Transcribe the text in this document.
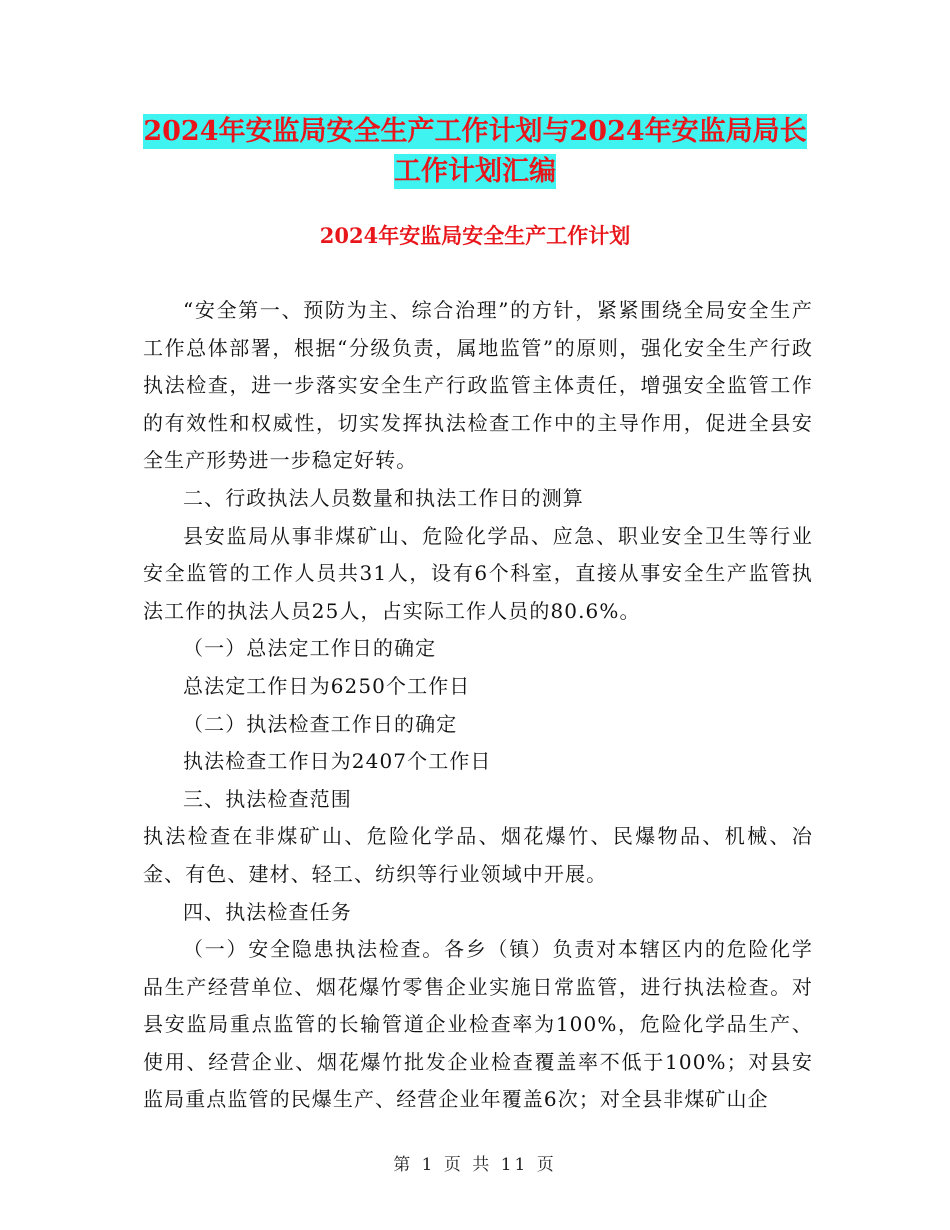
2024年安监局安全生产工作计划与2024年安监局局长
工作计划汇编
2024年安监局安全生产工作计划

“安全第一、预防为主、综合治理”的方针，紧紧围绕全局安全生产工作总体部署，根据“分级负责，属地监管”的原则，强化安全生产行政执法检查，进一步落实安全生产行政监管主体责任，增强安全监管工作的有效性和权威性，切实发挥执法检查工作中的主导作用，促进全县安全生产形势进一步稳定好转。

二、行政执法人员数量和执法工作日的测算

县安监局从事非煤矿山、危险化学品、应急、职业安全卫生等行业安全监管的工作人员共31人，设有6个科室，直接从事安全生产监管执法工作的执法人员25人，占实际工作人员的80.6%。

（一）总法定工作日的确定

总法定工作日为6250个工作日

（二）执法检查工作日的确定

执法检查工作日为2407个工作日

三、执法检查范围

执法检查在非煤矿山、危险化学品、烟花爆竹、民爆物品、机械、冶金、有色、建材、轻工、纺织等行业领域中开展。

四、执法检查任务

（一）安全隐患执法检查。各乡（镇）负责对本辖区内的危险化学品生产经营单位、烟花爆竹零售企业实施日常监管，进行执法检查。对县安监局重点监管的长输管道企业检查率为100%，危险化学品生产、使用、经营企业、烟花爆竹批发企业检查覆盖率不低于100%；对县安监局重点监管的民爆生产、经营企业年覆盖6次；对全县非煤矿山企

第 1 页 共 11 页
